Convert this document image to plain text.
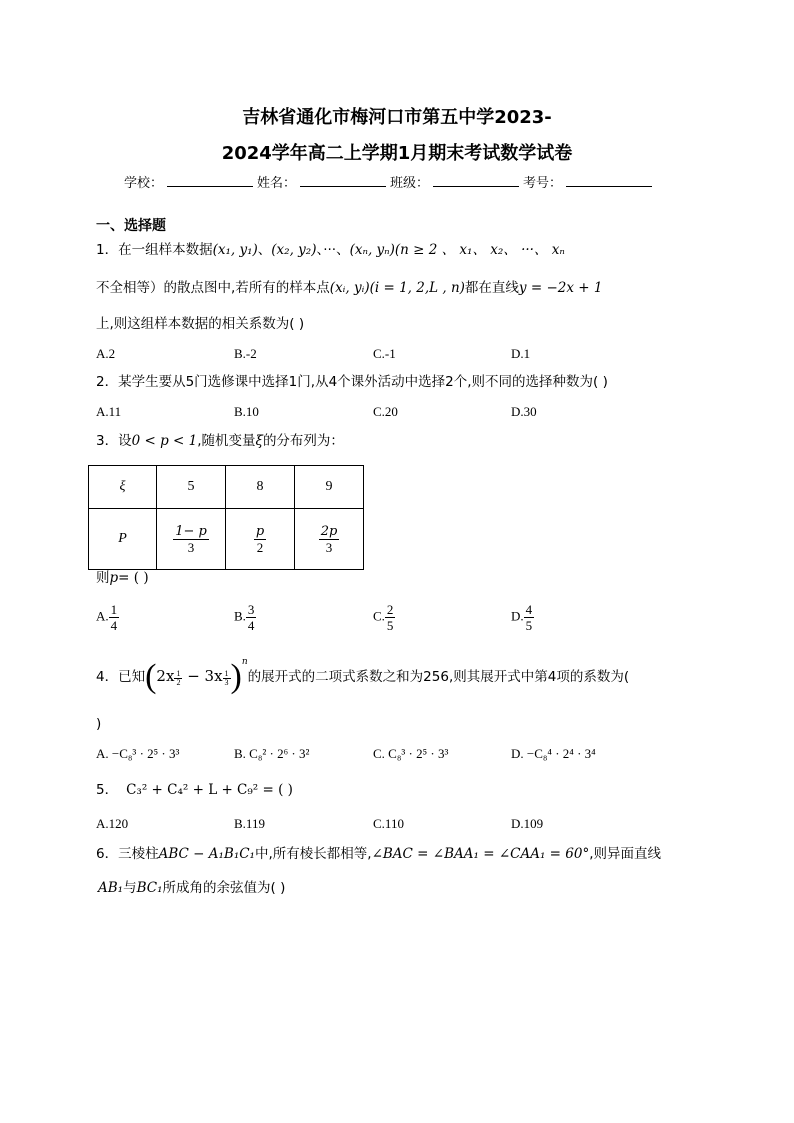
吉林省通化市梅河口市第五中学2023-
2024学年高二上学期1月期末考试数学试卷
学校：	姓名：	班级：	考号：
一、选择题
1．在一组样本数据(x₁, y₁)、(x₂, y₂)、···、(xₙ, yₙ)(n ≥ 2 、 x₁、 x₂、 ···、 xₙ
不全相等）的散点图中,若所有的样本点(xᵢ, yᵢ)(i = 1, 2,L , n)都在直线y = −2x + 1
上,则这组样本数据的相关系数为( )
A.2	B.-2	C.-1	D.1
2．某学生要从5门选修课中选择1门,从4个课外活动中选择2个,则不同的选择种数为( )
A.11	B.10	C.20	D.30
3．设0 < p < 1,随机变量ξ的分布列为：
ξ	5	8	9
P	$\frac{1- p}{3}$	$\frac{p}{2}$	$\frac{2p}{3}$
则p= ( )
A. $\frac{1}{4}$	B. $\frac{3}{4}$	C. $\frac{2}{5}$	D. $\frac{4}{5}$
4．已知(2x $^{\frac{1}{2}}$ − 3x $^{\frac{1}{3}}$ )$^n$的展开式的二项式系数之和为256,则其展开式中第4项的系数为(
)
A. −C₈³ · 2⁵ · 3³	B. C₈² · 2⁶ · 3²	C. C₈³ · 2⁵ · 3³	D. −C₈⁴ · 2⁴ · 3⁴
5． C₃² + C₄² + L + C₉² = ( )
A.120	B.119	C.110	D.109
6．三棱柱ABC − A₁B₁C₁中,所有棱长都相等,∠BAC = ∠BAA₁ = ∠CAA₁ = 60°,则异面直线
AB₁与BC₁所成角的余弦值为( )
